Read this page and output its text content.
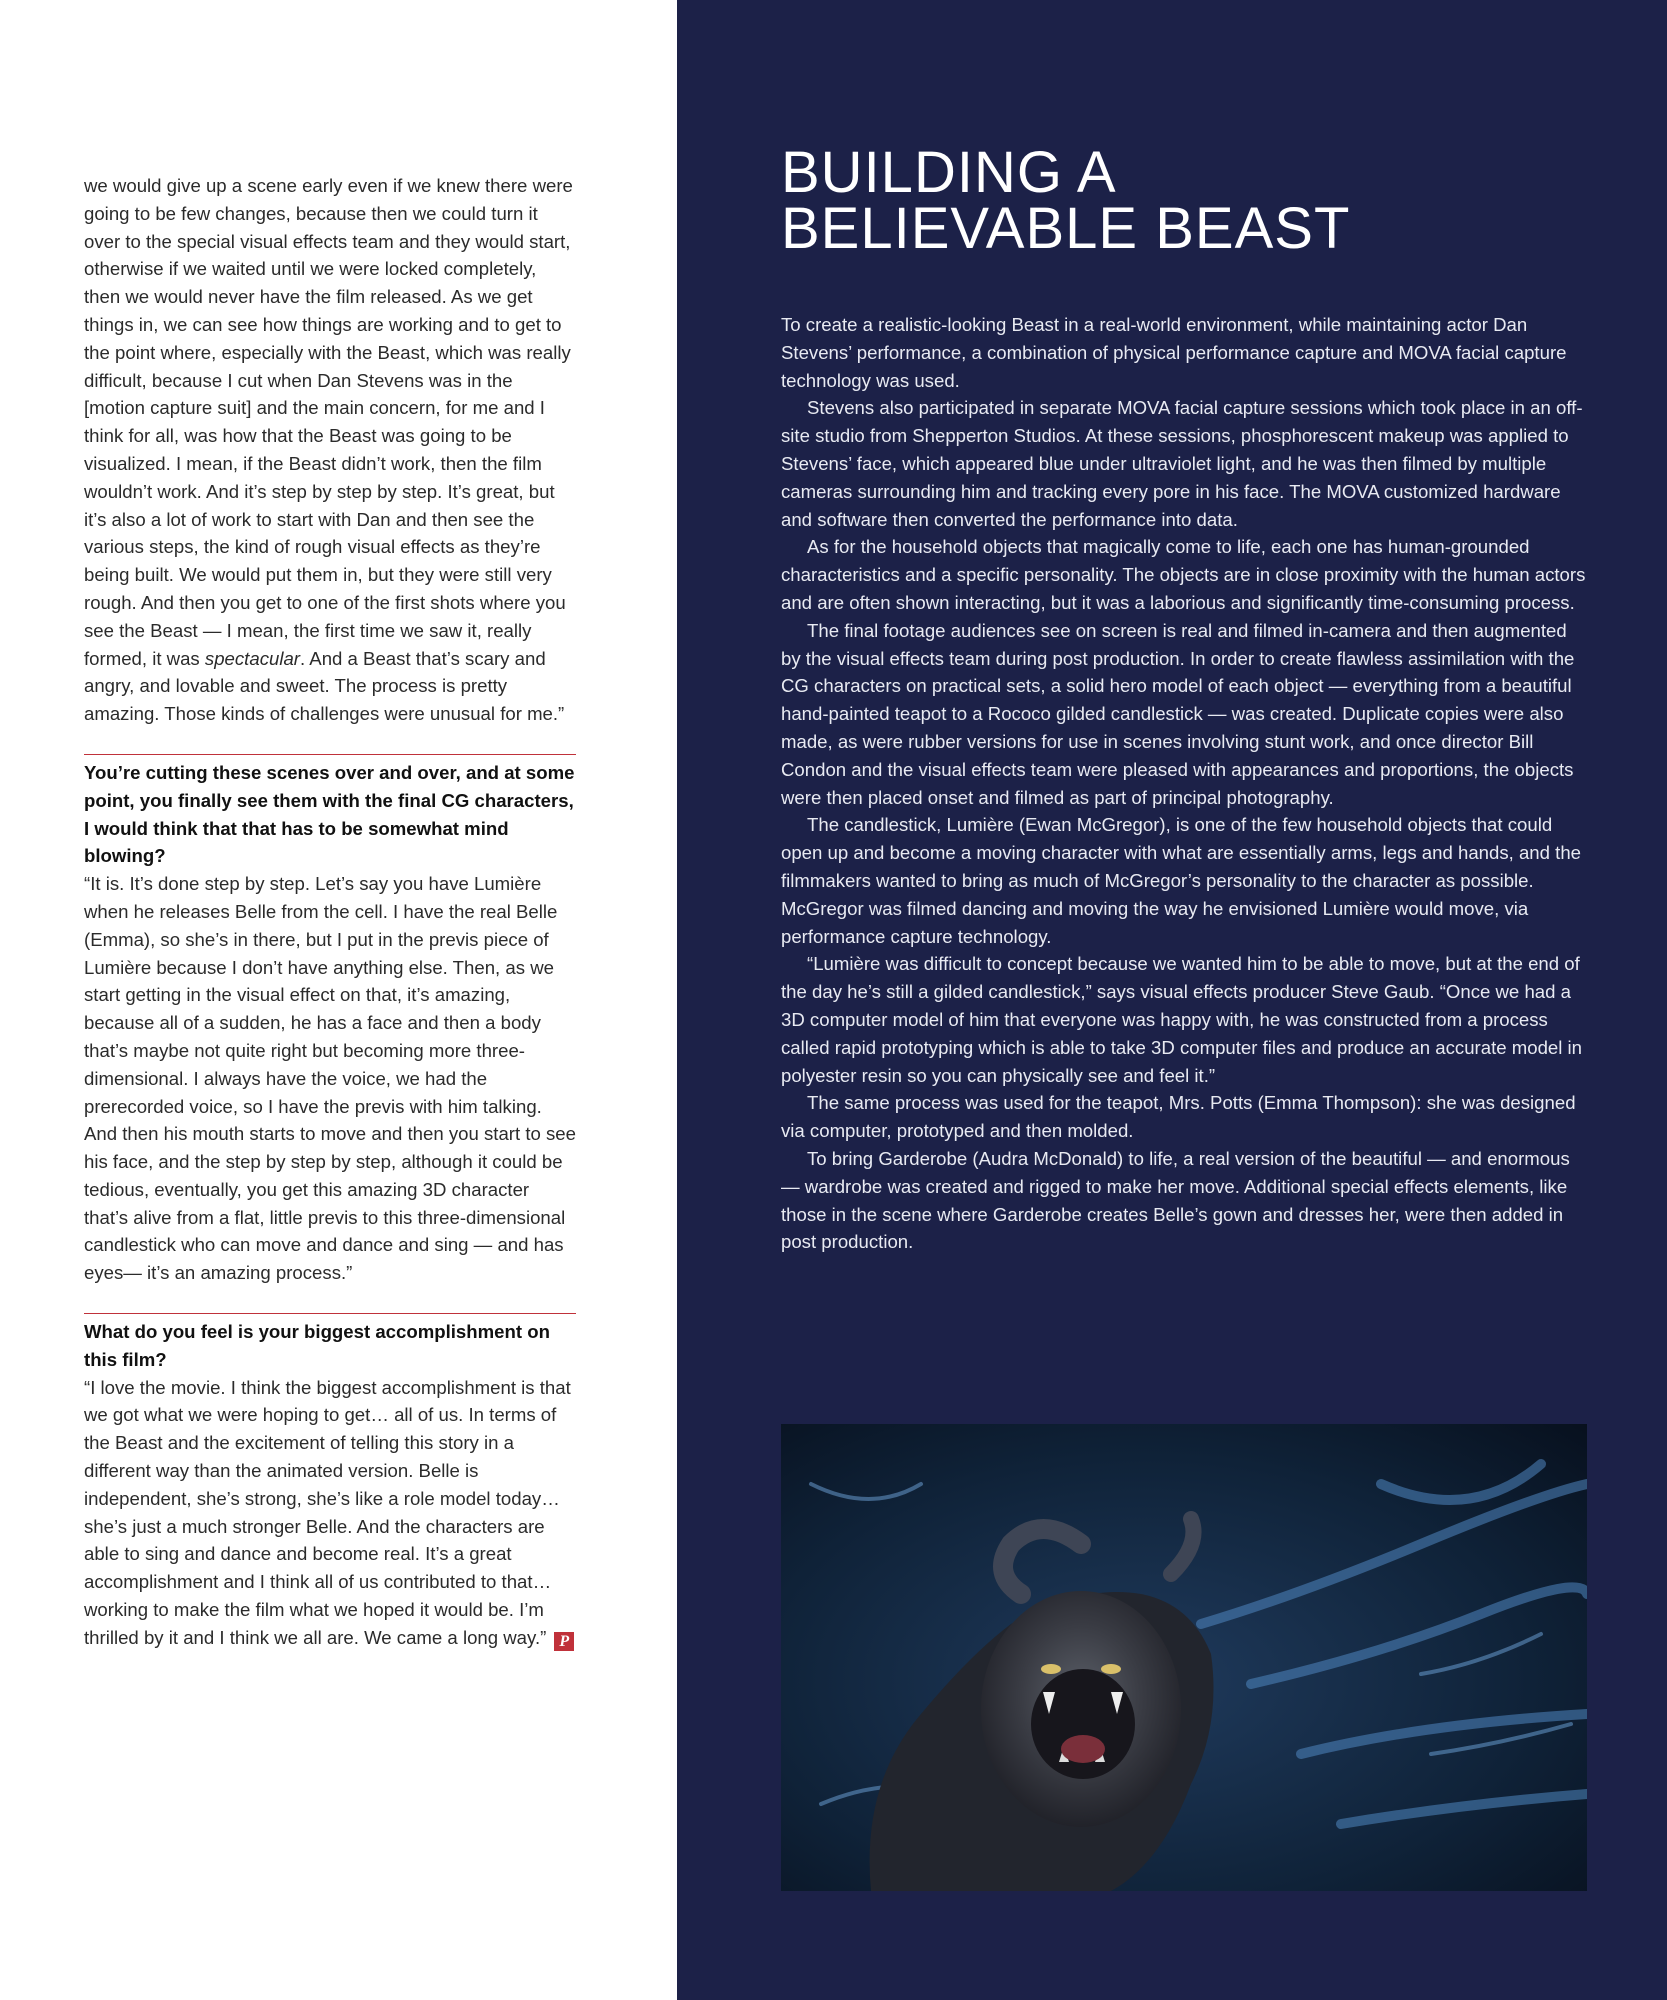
we would give up a scene early even if we knew there were going to be few changes, because then we could turn it over to the special visual effects team and they would start, otherwise if we waited until we were locked completely, then we would never have the film released. As we get things in, we can see how things are working and to get to the point where, especially with the Beast, which was really difficult, because I cut when Dan Stevens was in the [motion capture suit] and the main concern, for me and I think for all, was how that the Beast was going to be visualized. I mean, if the Beast didn’t work, then the film wouldn’t work. And it’s step by step by step. It’s great, but it’s also a lot of work to start with Dan and then see the various steps, the kind of rough visual effects as they’re being built. We would put them in, but they were still very rough. And then you get to one of the first shots where you see the Beast — I mean, the first time we saw it, really formed, it was spectacular. And a Beast that’s scary and angry, and lovable and sweet. The process is pretty amazing. Those kinds of challenges were unusual for me.”

You’re cutting these scenes over and over, and at some point, you finally see them with the final CG characters, I would think that that has to be somewhat mind blowing?

“It is. It’s done step by step. Let’s say you have Lumière when he releases Belle from the cell. I have the real Belle (Emma), so she’s in there, but I put in the previs piece of Lumière because I don’t have anything else. Then, as we start getting in the visual effect on that, it’s amazing, because all of a sudden, he has a face and then a body that’s maybe not quite right but becoming more three-dimensional. I always have the voice, we had the prerecorded voice, so I have the previs with him talking. And then his mouth starts to move and then you start to see his face, and the step by step by step, although it could be tedious, eventually, you get this amazing 3D character that’s alive from a flat, little previs to this three-dimensional candlestick who can move and dance and sing — and has eyes— it’s an amazing process.”

What do you feel is your biggest accomplishment on this film?

“I love the movie. I think the biggest accomplishment is that we got what we were hoping to get… all of us. In terms of the Beast and the excitement of telling this story in a different way than the animated version. Belle is independent, she’s strong, she’s like a role model today…she’s just a much stronger Belle. And the characters are able to sing and dance and become real. It’s a great accomplishment and I think all of us contributed to that…working to make the film what we hoped it would be. I’m thrilled by it and I think we all are. We came a long way.” P

BUILDING A
BELIEVABLE BEAST

To create a realistic-looking Beast in a real-world environment, while maintaining actor Dan Stevens’ performance, a combination of physical performance capture and MOVA facial capture technology was used.

Stevens also participated in separate MOVA facial capture sessions which took place in an off-site studio from Shepperton Studios. At these sessions, phosphorescent makeup was applied to Stevens’ face, which appeared blue under ultraviolet light, and he was then filmed by multiple cameras surrounding him and tracking every pore in his face. The MOVA customized hardware and software then converted the performance into data.

As for the household objects that magically come to life, each one has human-grounded characteristics and a specific personality. The objects are in close proximity with the human actors and are often shown interacting, but it was a laborious and significantly time-consuming process.

The final footage audiences see on screen is real and filmed in-camera and then augmented by the visual effects team during post production. In order to create flawless assimilation with the CG characters on practical sets, a solid hero model of each object — everything from a beautiful hand-painted teapot to a Rococo gilded candlestick — was created. Duplicate copies were also made, as were rubber versions for use in scenes involving stunt work, and once director Bill Condon and the visual effects team were pleased with appearances and proportions, the objects were then placed onset and filmed as part of principal photography.

The candlestick, Lumière (Ewan McGregor), is one of the few household objects that could open up and become a moving character with what are essentially arms, legs and hands, and the filmmakers wanted to bring as much of McGregor’s personality to the character as possible. McGregor was filmed dancing and moving the way he envisioned Lumière would move, via performance capture technology.

“Lumière was difficult to concept because we wanted him to be able to move, but at the end of the day he’s still a gilded candlestick,” says visual effects producer Steve Gaub. “Once we had a 3D computer model of him that everyone was happy with, he was constructed from a process called rapid prototyping which is able to take 3D computer files and produce an accurate model in polyester resin so you can physically see and feel it.”

The same process was used for the teapot, Mrs. Potts (Emma Thompson): she was designed via computer, prototyped and then molded.

To bring Garderobe (Audra McDonald) to life, a real version of the beautiful — and enormous — wardrobe was created and rigged to make her move. Additional special effects elements, like those in the scene where Garderobe creates Belle’s gown and dresses her, were then added in post production.
